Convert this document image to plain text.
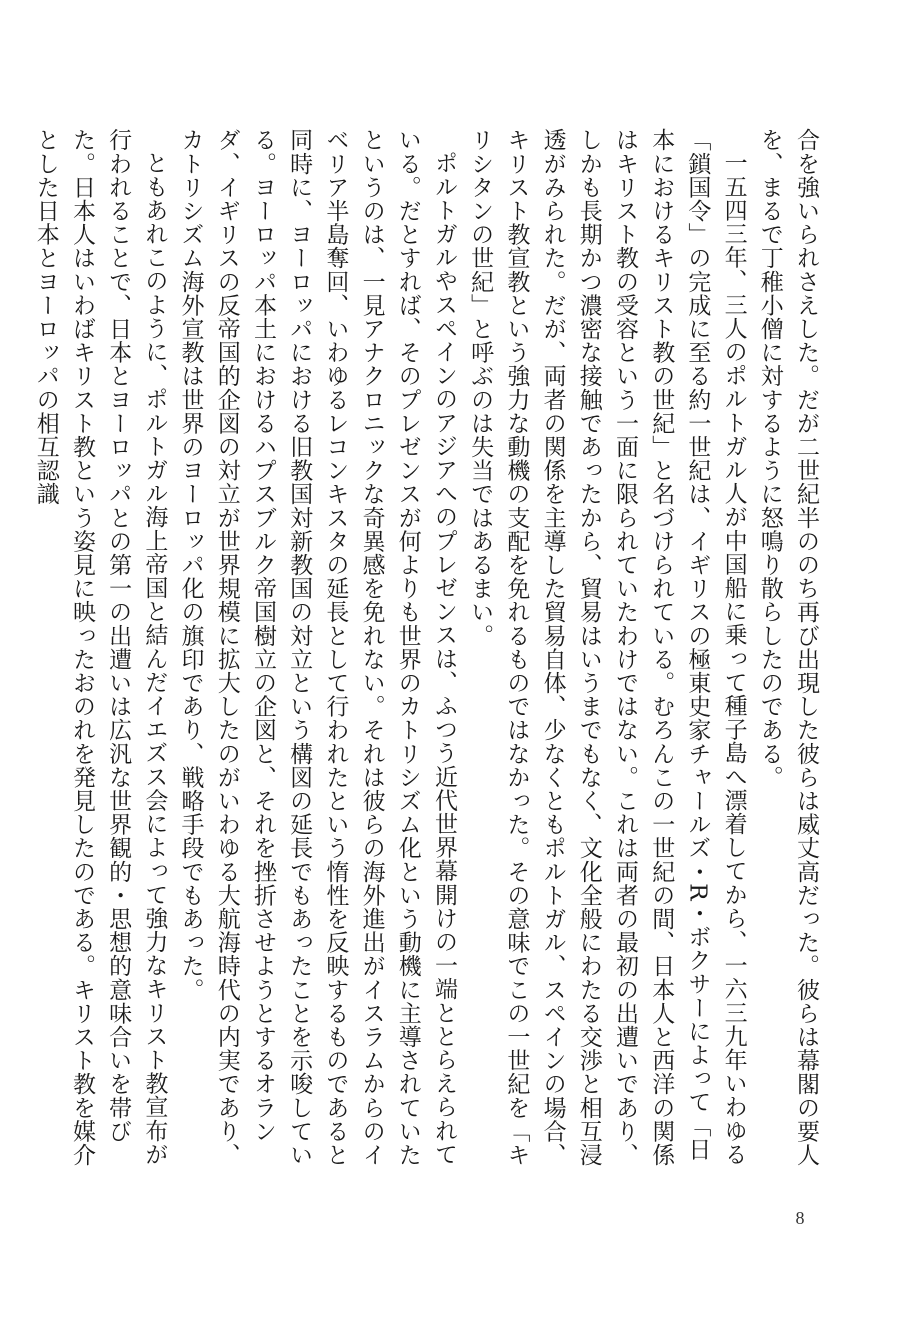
合を強いられさえした。だが二世紀半ののち再び出現した彼らは威丈高だった。彼らは幕閣の要人を、まるで丁稚小僧に対するように怒鳴り散らしたのである。

一五四三年、三人のポルトガル人が中国船に乗って種子島へ漂着してから、一六三九年いわゆる「鎖国令」の完成に至る約一世紀は、イギリスの極東史家チャールズ・R・ボクサーによって「日本におけるキリスト教の世紀」と名づけられている。むろんこの一世紀の間、日本人と西洋の関係はキリスト教の受容という一面に限られていたわけではない。これは両者の最初の出遭いであり、しかも長期かつ濃密な接触であったから、貿易はいうまでもなく、文化全般にわたる交渉と相互浸透がみられた。だが、両者の関係を主導した貿易自体、少なくともポルトガル、スペインの場合、キリスト教宣教という強力な動機の支配を免れるものではなかった。その意味でこの一世紀を「キリシタンの世紀」と呼ぶのは失当ではあるまい。

ポルトガルやスペインのアジアへのプレゼンスは、ふつう近代世界幕開けの一端ととらえられている。だとすれば、そのプレゼンスが何よりも世界のカトリシズム化という動機に主導されていたというのは、一見アナクロニックな奇異感を免れない。それは彼らの海外進出がイスラムからのイベリア半島奪回、いわゆるレコンキスタの延長として行われたという惰性を反映するものであると同時に、ヨーロッパにおける旧教国対新教国の対立という構図の延長でもあったことを示唆している。ヨーロッパ本土におけるハプスブルク帝国樹立の企図と、それを挫折させようとするオランダ、イギリスの反帝国的企図の対立が世界規模に拡大したのがいわゆる大航海時代の内実であり、カトリシズム海外宣教は世界のヨーロッパ化の旗印であり、戦略手段でもあった。

ともあれこのように、ポルトガル海上帝国と結んだイエズス会によって強力なキリスト教宣布が行われることで、日本とヨーロッパとの第一の出遭いは広汎な世界観的・思想的意味合いを帯びた。日本人はいわばキリスト教という姿見に映ったおのれを発見したのである。キリスト教を媒介とした日本とヨーロッパの相互認識

8
